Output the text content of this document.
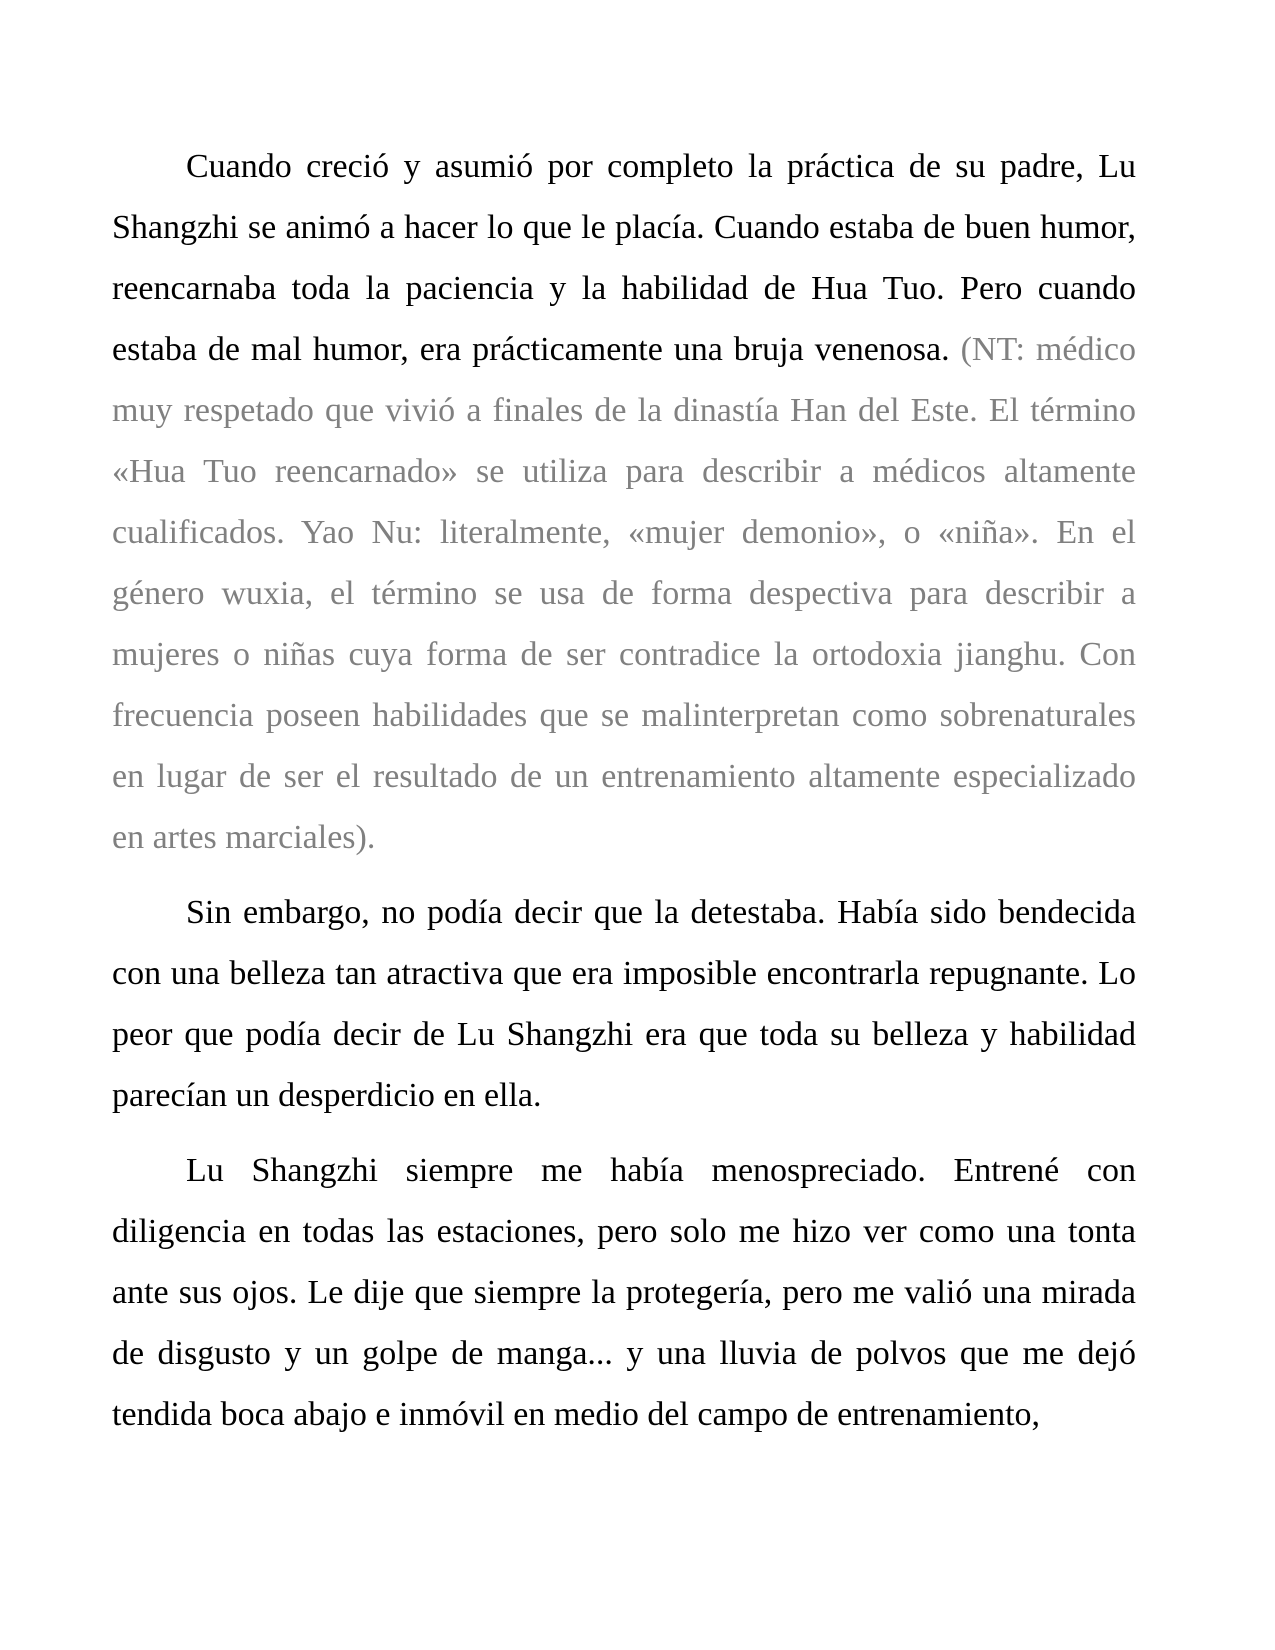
Cuando creció y asumió por completo la práctica de su padre, Lu Shangzhi se animó a hacer lo que le placía. Cuando estaba de buen humor, reencarnaba toda la paciencia y la habilidad de Hua Tuo. Pero cuando estaba de mal humor, era prácticamente una bruja venenosa. (NT: médico muy respetado que vivió a finales de la dinastía Han del Este. El término «Hua Tuo reencarnado» se utiliza para describir a médicos altamente cualificados. Yao Nu: literalmente, «mujer demonio», o «niña». En el género wuxia, el término se usa de forma despectiva para describir a mujeres o niñas cuya forma de ser contradice la ortodoxia jianghu. Con frecuencia poseen habilidades que se malinterpretan como sobrenaturales en lugar de ser el resultado de un entrenamiento altamente especializado en artes marciales).

Sin embargo, no podía decir que la detestaba. Había sido bendecida con una belleza tan atractiva que era imposible encontrarla repugnante. Lo peor que podía decir de Lu Shangzhi era que toda su belleza y habilidad parecían un desperdicio en ella.

Lu Shangzhi siempre me había menospreciado. Entrené con diligencia en todas las estaciones, pero solo me hizo ver como una tonta ante sus ojos. Le dije que siempre la protegería, pero me valió una mirada de disgusto y un golpe de manga... y una lluvia de polvos que me dejó tendida boca abajo e inmóvil en medio del campo de entrenamiento,
